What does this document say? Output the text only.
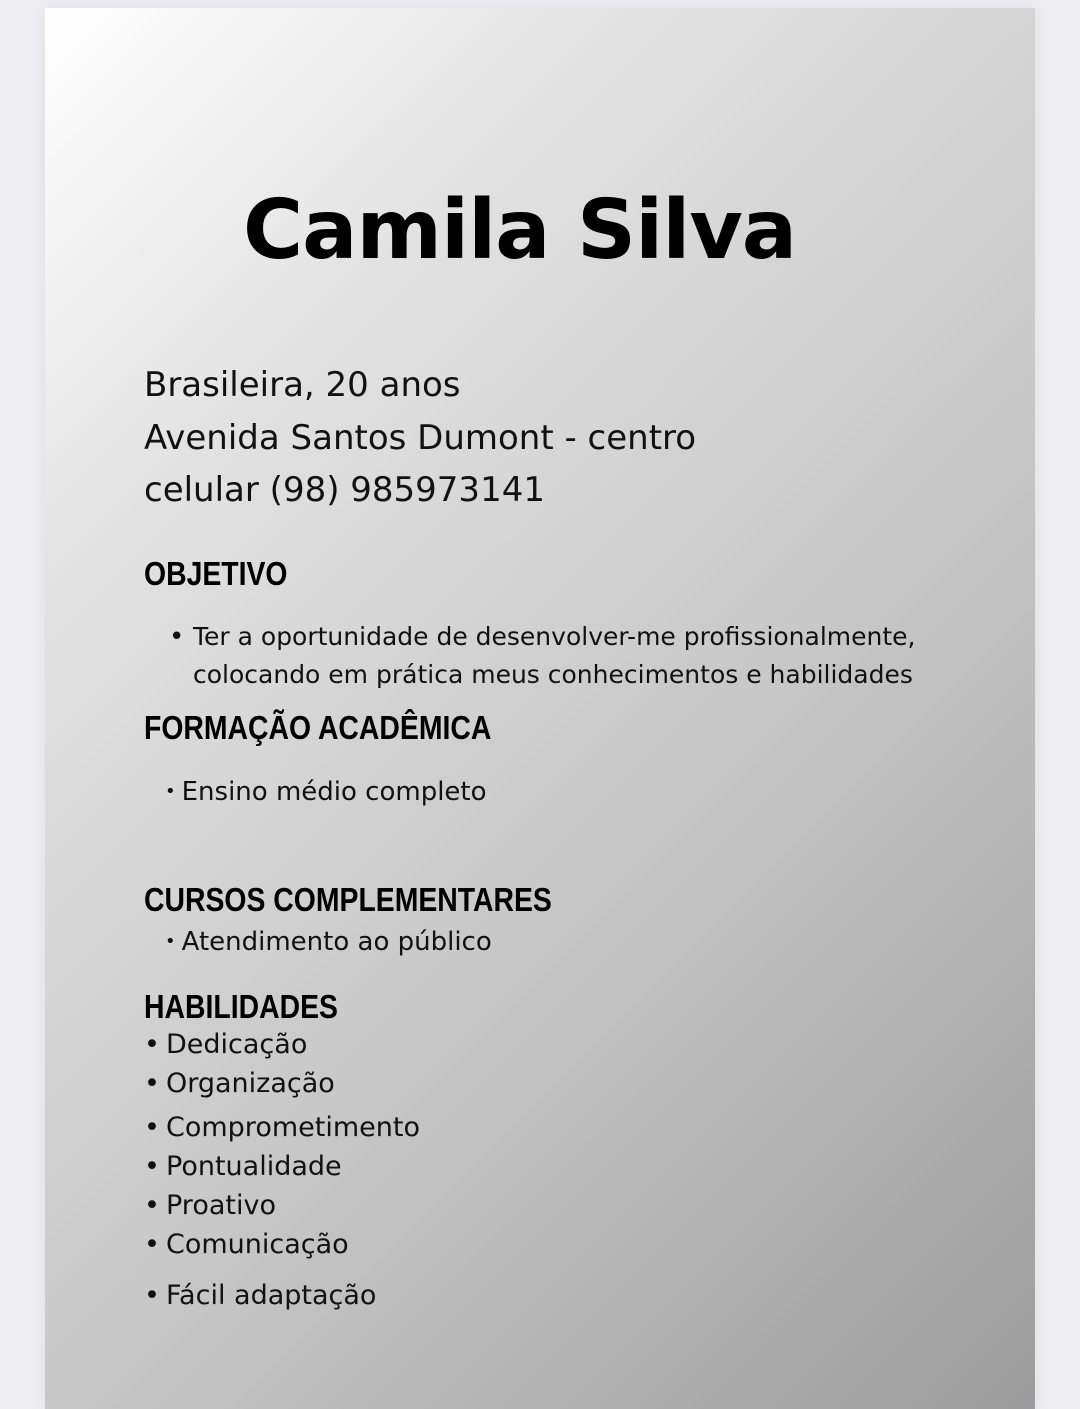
Camila Silva

Brasileira, 20 anos

Avenida Santos Dumont - centro

celular (98) 985973141

OBJETIVO
• Ter a oportunidade de desenvolver-me profissionalmente, colocando em prática meus conhecimentos e habilidades

FORMAÇÃO ACADÊMICA

• Ensino médio completo

CURSOS COMPLEMENTARES

• Atendimento ao público

HABILIDADES

• Dedicação

• Organização

• Comprometimento

• Pontualidade

• Proativo

• Comunicação

• Fácil adaptação
